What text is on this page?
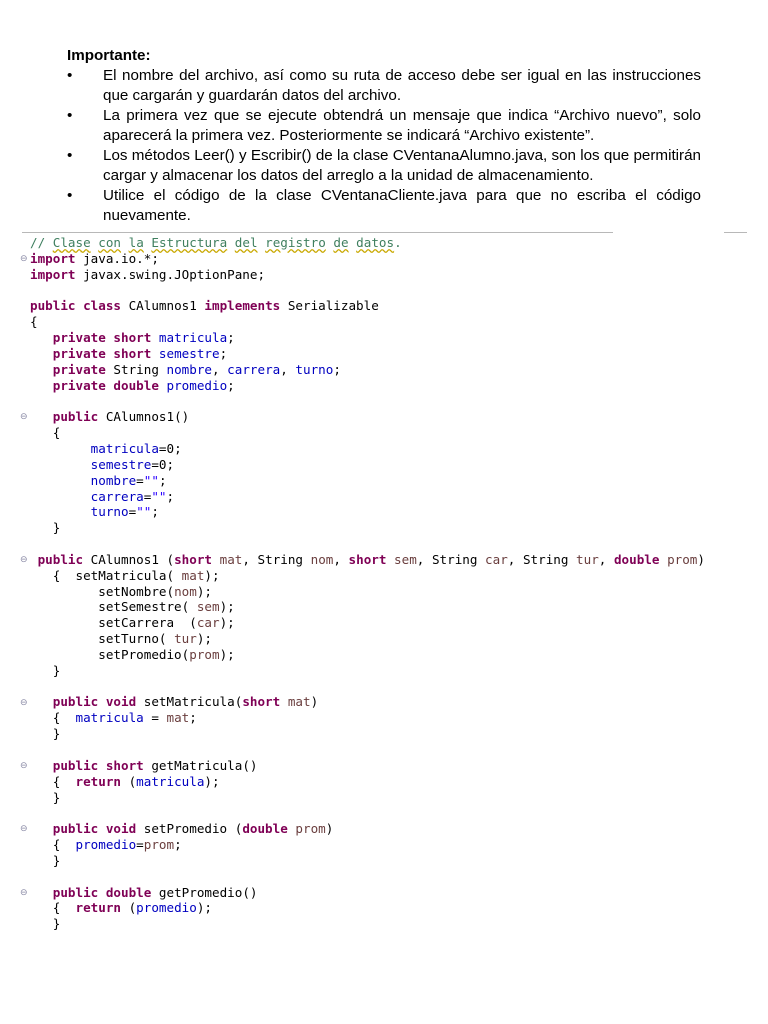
Importante:

• El nombre del archivo, así como su ruta de acceso debe ser igual en las instrucciones que cargarán y guardarán datos del archivo.
• La primera vez que se ejecute obtendrá un mensaje que indica “Archivo nuevo”, solo aparecerá la primera vez. Posteriormente se indicará “Archivo existente”.
• Los métodos Leer() y Escribir() de la clase CVentanaAlumno.java, son los que permitirán cargar y almacenar los datos del arreglo a la unidad de almacenamiento.
• Utilice el código de la clase CVentanaCliente.java para que no escriba el código nuevamente.
// Clase con la Estructura del registro de datos.
import java.io.*;
import javax.swing.JOptionPane;

public class CAlumnos1 implements Serializable
{
private short matricula;
private short semestre;
private String nombre, carrera, turno;
private double promedio;

public CAlumnos1()
{
matricula=0;
semestre=0;
nombre="";
carrera="";
turno="";
}

public CAlumnos1 (short mat, String nom, short sem, String car, String tur, double prom)
{  setMatricula( mat);
setNombre(nom);
setSemestre( sem);
setCarrera  (car);
setTurno( tur);
setPromedio(prom);
}

public void setMatricula(short mat)
{  matricula = mat;
}

public short getMatricula()
{  return (matricula);
}

public void setPromedio (double prom)
{  promedio=prom;
}

public double getPromedio()
{  return (promedio);
}
⊖
⊖
⊖
⊖
⊖
⊖
⊖
